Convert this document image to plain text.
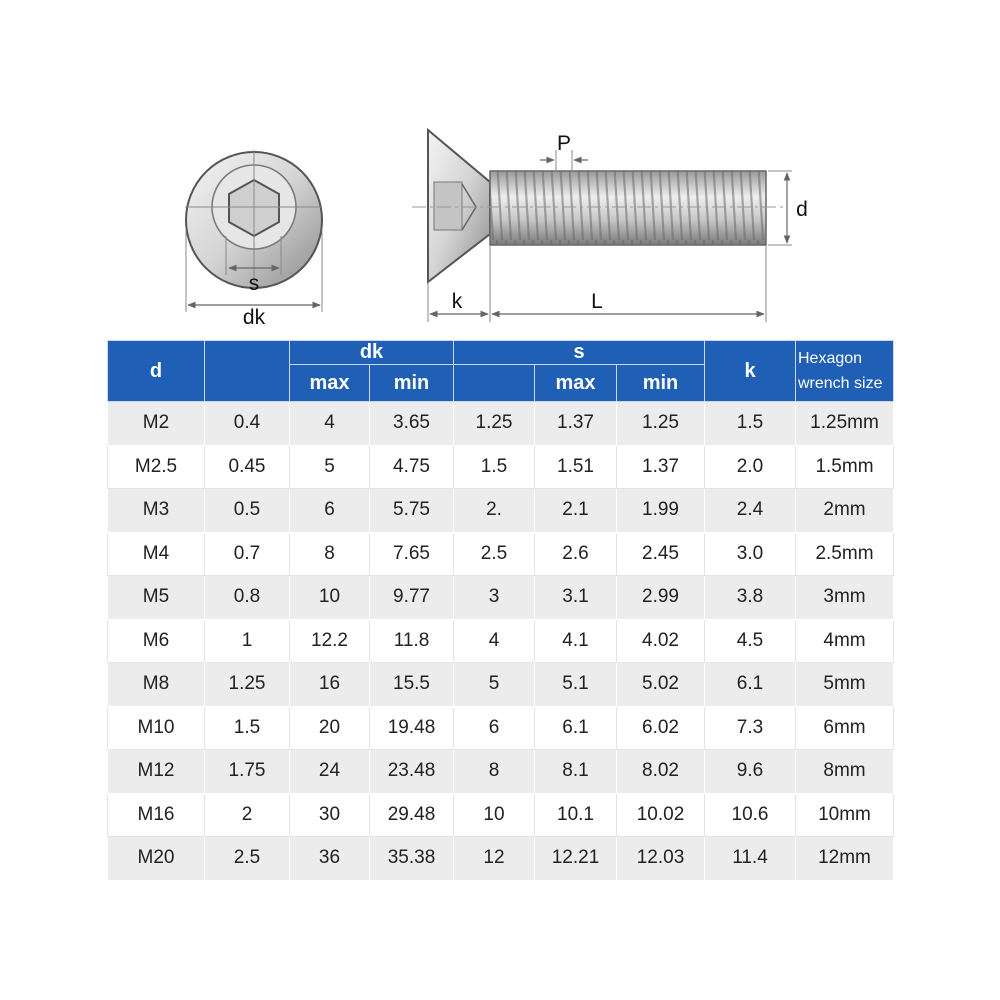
s
dk
P
d
k	L
d		dk		s			k	Hexagon
wrench size
		max	min		max	min		
M2	0.4	4	3.65	1.25	1.37	1.25	1.5	1.25mm
M2.5	0.45	5	4.75	1.5	1.51	1.37	2.0	1.5mm
M3	0.5	6	5.75	2.	2.1	1.99	2.4	2mm
M4	0.7	8	7.65	2.5	2.6	2.45	3.0	2.5mm
M5	0.8	10	9.77	3	3.1	2.99	3.8	3mm
M6	1	12.2	11.8	4	4.1	4.02	4.5	4mm
M8	1.25	16	15.5	5	5.1	5.02	6.1	5mm
M10	1.5	20	19.48	6	6.1	6.02	7.3	6mm
M12	1.75	24	23.48	8	8.1	8.02	9.6	8mm
M16	2	30	29.48	10	10.1	10.02	10.6	10mm
M20	2.5	36	35.38	12	12.21	12.03	11.4	12mm
